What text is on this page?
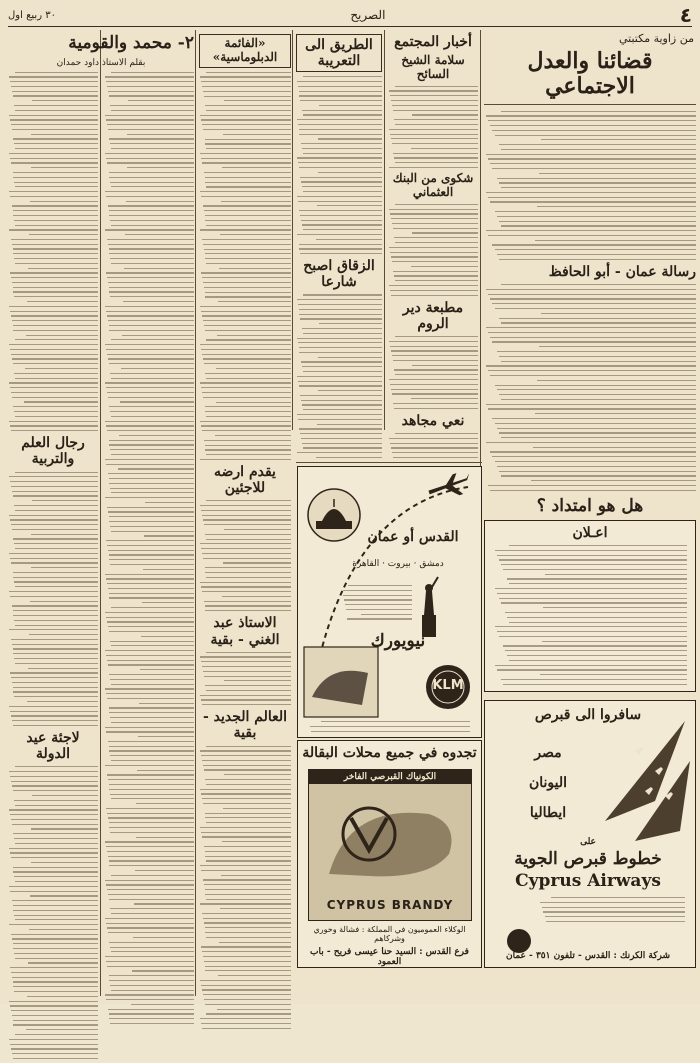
٤
الصريح
٣٠ ربيع اول
من زاوية مكتبتي
قضائنا والعدل الاجتماعي
رسالة عمان - أبو الحافظ
هل هو امتداد ؟
أخبار المجتمع
سلامة الشيخ السائح
شكوى من البنك العثماني
مطبعة دير الروم
نعي مجاهد
الطريق الى التعريبة
الزقاق اصبح شارعا
«الفائمة الدبلوماسية»
يقدم ارضه للاجئين
الاستاذ عبد الغني - بقية
العالم الجديد - بقية
٢- محمد والقومية
بقلم الاستاذ داود حمدان
رجال العلم والتربية
لاجئة عيد الدولة
القدس أو عمان
دمشق · بيروت · القاهرة
نيويورك
KLM
تجدوه في جميع محلات البقالة
الكونياك القبرصي الفاخر
CYPRUS BRANDY
الوكلاء العموميون في المملكة : فشالة وخوري وشركاهم
فرع القدس : السيد حنا عيسى فريح - باب العمود
اعـلان
سافروا الى قبرص
مصر
اليونان
ايطاليا
على
خطوط قبرص الجوية
Cyprus Airways
شركة الكرنك : القدس - تلفون ٣٥١ - عمان
